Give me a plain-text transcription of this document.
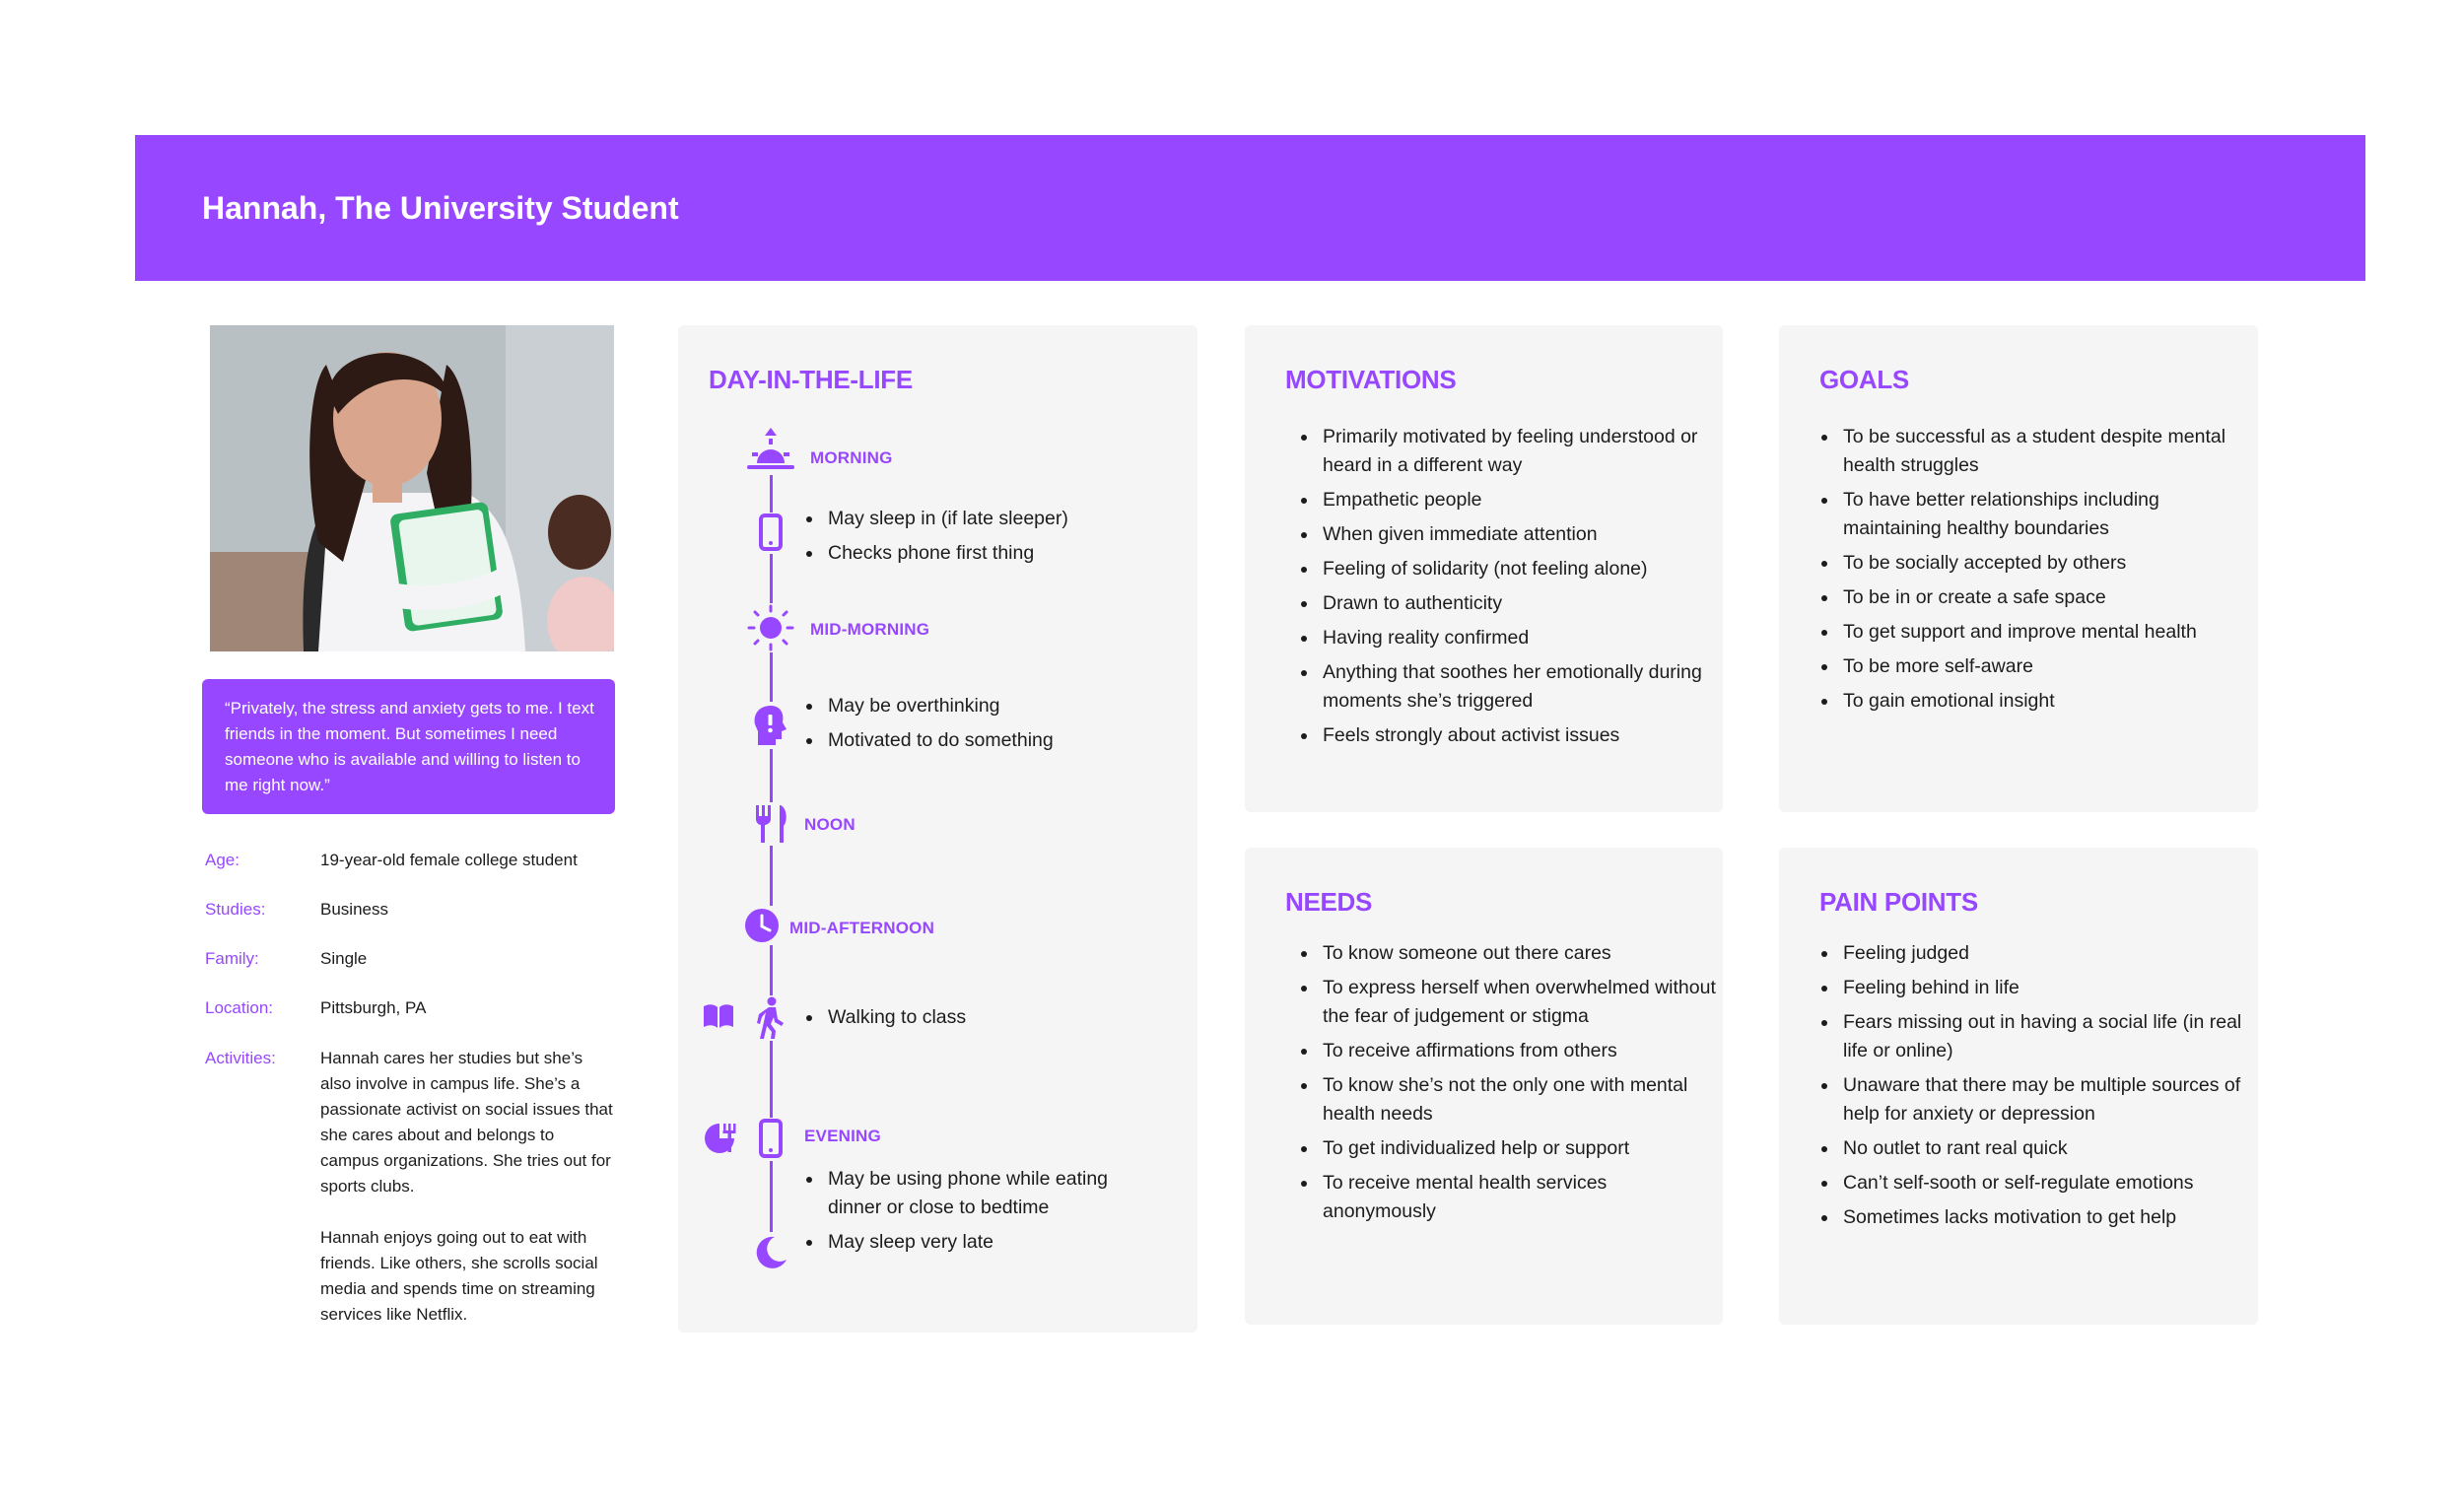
Hannah, The University Student
“Privately, the stress and anxiety gets to me. I text friends in the moment. But sometimes I need someone who is available and willing to listen to me right now.”
Age:	19-year-old female college student
Studies:	Business
Family:	Single
Location:	Pittsburgh, PA
Activities:	Hannah cares her studies but she’s also involve in campus life. She’s a passionate activist on social issues that she cares about and belongs to campus organizations. She tries out for sports clubs.
Hannah enjoys going out to eat with friends. Like others, she scrolls social media and spends time on streaming services like Netflix.
DAY-IN-THE-LIFE
MORNING
• May sleep in (if late sleeper)
• Checks phone first thing
MID-MORNING
• May be overthinking
• Motivated to do something
NOON
MID-AFTERNOON
• Walking to class
EVENING
• May be using phone while eating dinner or close to bedtime
• May sleep very late
MOTIVATIONS
• Primarily motivated by feeling understood or heard in a different way
• Empathetic people
• When given immediate attention
• Feeling of solidarity (not feeling alone)
• Drawn to authenticity
• Having reality confirmed
• Anything that soothes her emotionally during moments she’s triggered
• Feels strongly about activist issues
GOALS
• To be successful as a student despite mental health struggles
• To have better relationships including maintaining healthy boundaries
• To be socially accepted by others
• To be in or create a safe space
• To get support and improve mental health
• To be more self-aware
• To gain emotional insight
NEEDS
• To know someone out there cares
• To express herself when overwhelmed without the fear of judgement or stigma
• To receive affirmations from others
• To know she’s not the only one with mental health needs
• To get individualized help or support
• To receive mental health services anonymously
PAIN POINTS
• Feeling judged
• Feeling behind in life
• Fears missing out in having a social life (in real life or online)
• Unaware that there may be multiple sources of help for anxiety or depression
• No outlet to rant real quick
• Can’t self-sooth or self-regulate emotions
• Sometimes lacks motivation to get help
